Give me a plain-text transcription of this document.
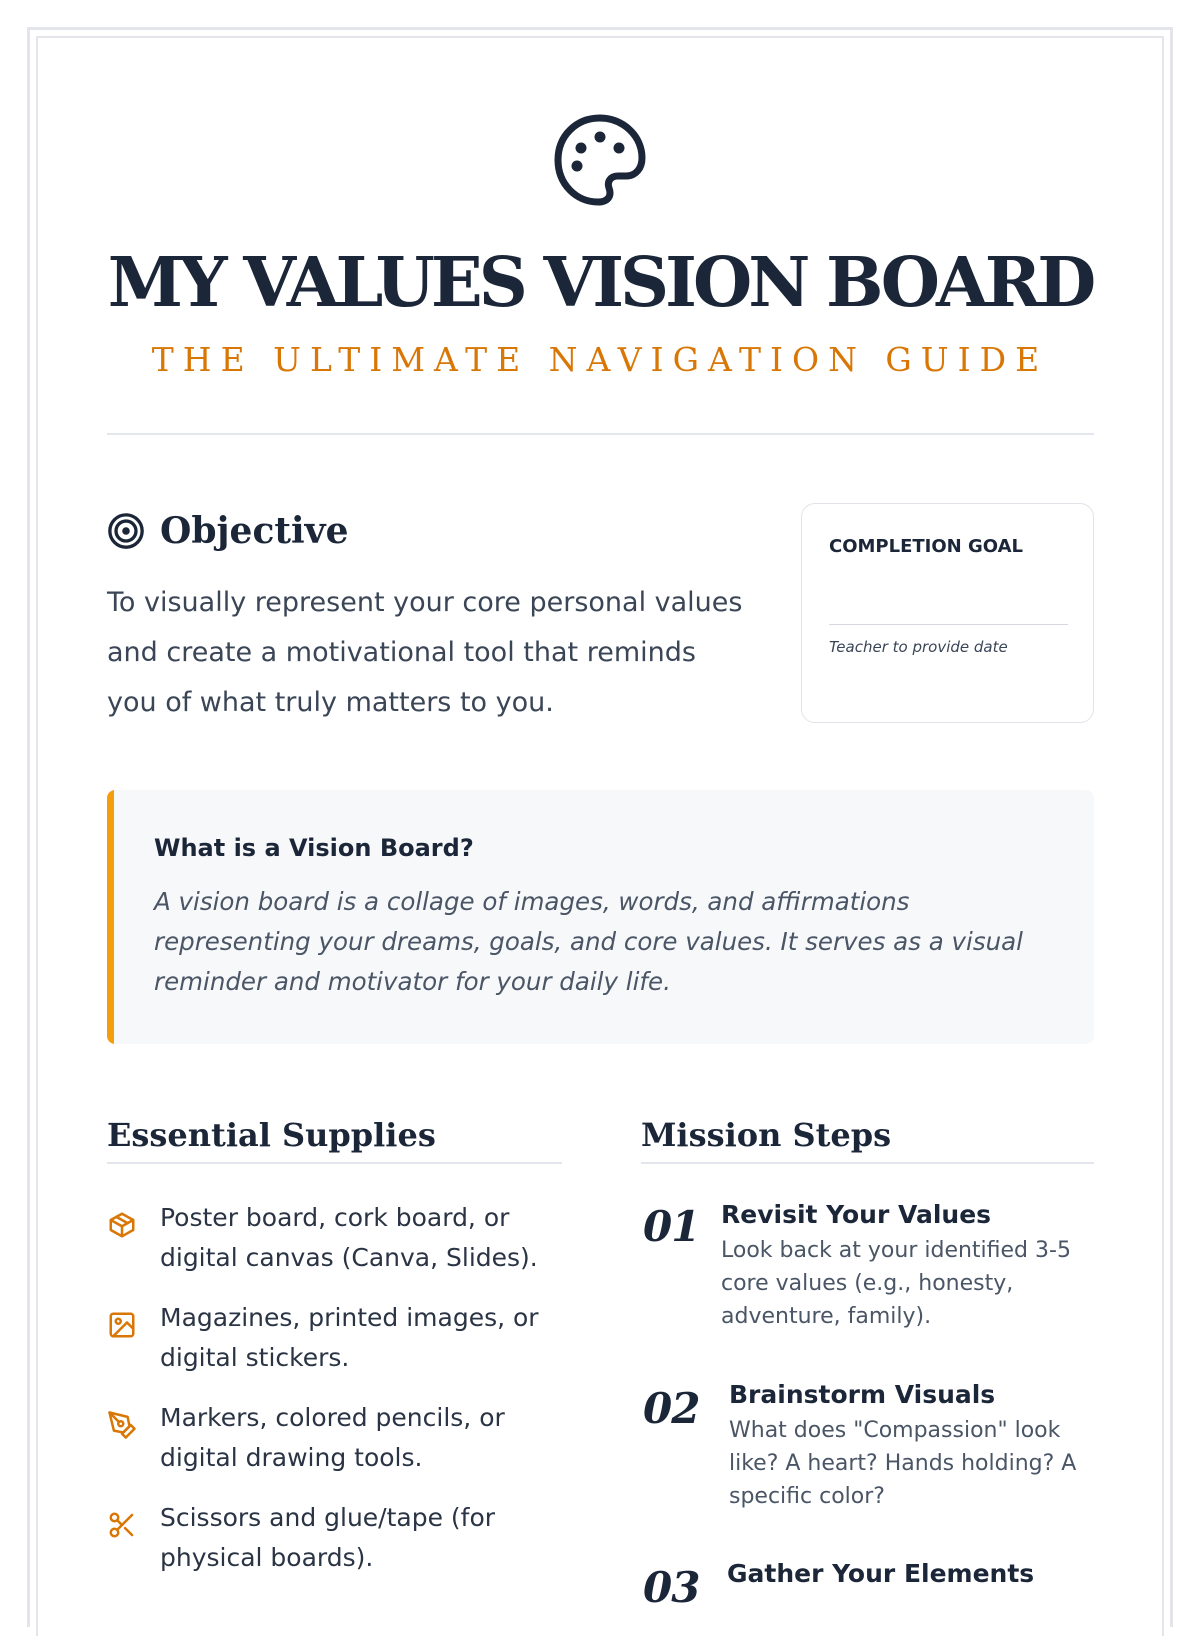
MY VALUES VISION BOARD
THE ULTIMATE NAVIGATION GUIDE
Objective
To visually represent your core personal values and create a motivational tool that reminds you of what truly matters to you.
COMPLETION GOAL
Teacher to provide date
What is a Vision Board?
A vision board is a collage of images, words, and affirmations representing your dreams, goals, and core values. It serves as a visual reminder and motivator for your daily life.
Essential Supplies
Poster board, cork board, or digital canvas (Canva, Slides).
Magazines, printed images, or digital stickers.
Markers, colored pencils, or digital drawing tools.
Scissors and glue/tape (for physical boards).
Mission Steps
01 Revisit Your Values
Look back at your identified 3-5 core values (e.g., honesty, adventure, family).
02 Brainstorm Visuals
What does "Compassion" look like? A heart? Hands holding? A specific color?
03 Gather Your Elements
